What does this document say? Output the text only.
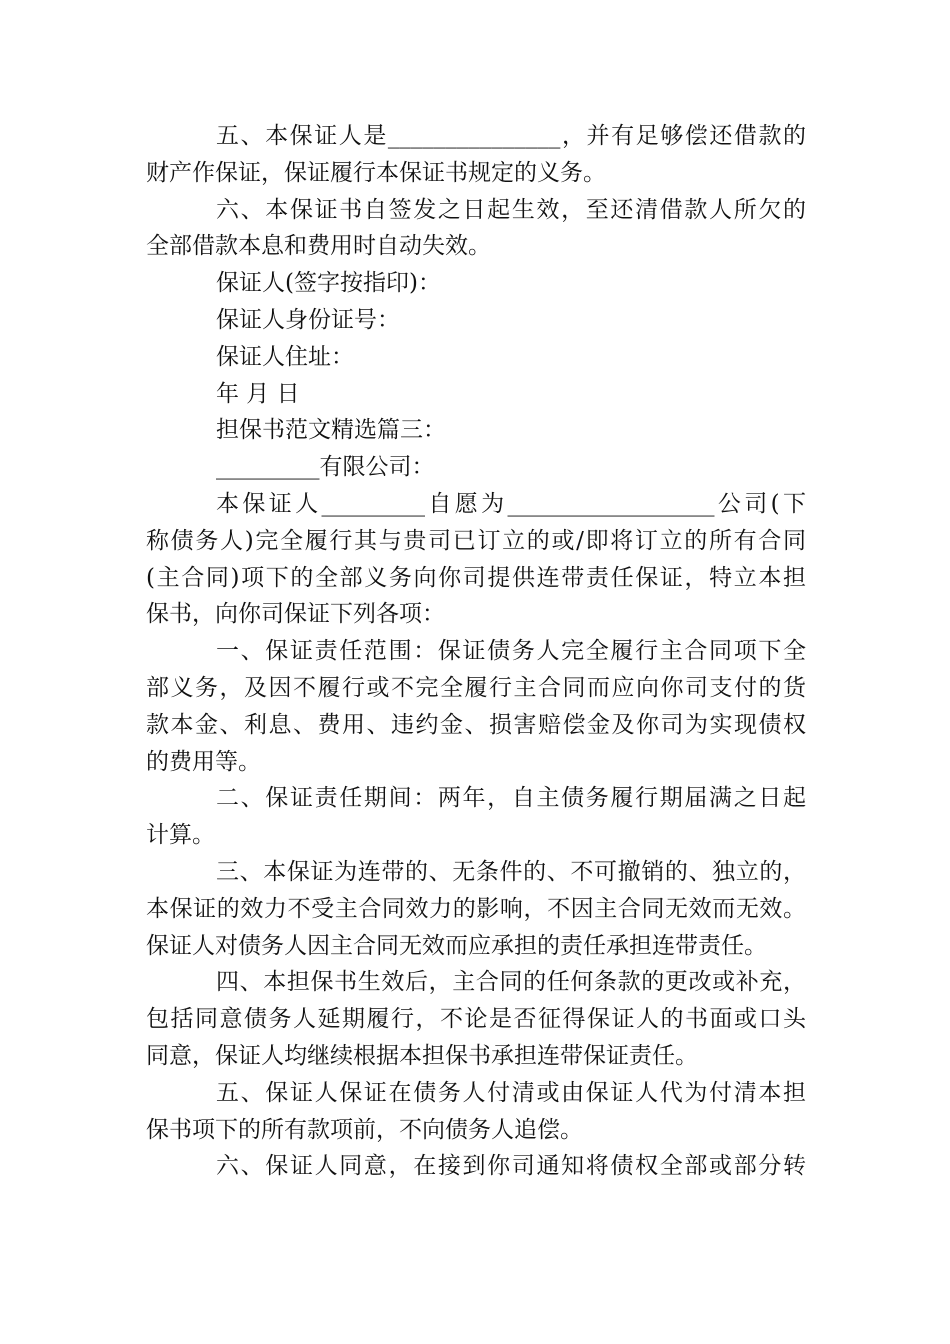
五、本保证人是_______________，并有足够偿还借款的
财产作保证，保证履行本保证书规定的义务。
六、本保证书自签发之日起生效，至还清借款人所欠的
全部借款本息和费用时自动失效。
保证人(签字按指印)：
保证人身份证号：
保证人住址：
年 月 日
担保书范文精选篇三：
_________有限公司：
本保证人_________自愿为__________________公司(下
称债务人)完全履行其与贵司已订立的或/即将订立的所有合同
(主合同)项下的全部义务向你司提供连带责任保证，特立本担
保书，向你司保证下列各项：
一、保证责任范围：保证债务人完全履行主合同项下全
部义务，及因不履行或不完全履行主合同而应向你司支付的货
款本金、利息、费用、违约金、损害赔偿金及你司为实现债权
的费用等。
二、保证责任期间：两年，自主债务履行期届满之日起
计算。
三、本保证为连带的、无条件的、不可撤销的、独立的，
本保证的效力不受主合同效力的影响，不因主合同无效而无效。
保证人对债务人因主合同无效而应承担的责任承担连带责任。
四、本担保书生效后，主合同的任何条款的更改或补充，
包括同意债务人延期履行，不论是否征得保证人的书面或口头
同意，保证人均继续根据本担保书承担连带保证责任。
五、保证人保证在债务人付清或由保证人代为付清本担
保书项下的所有款项前，不向债务人追偿。
六、保证人同意，在接到你司通知将债权全部或部分转
